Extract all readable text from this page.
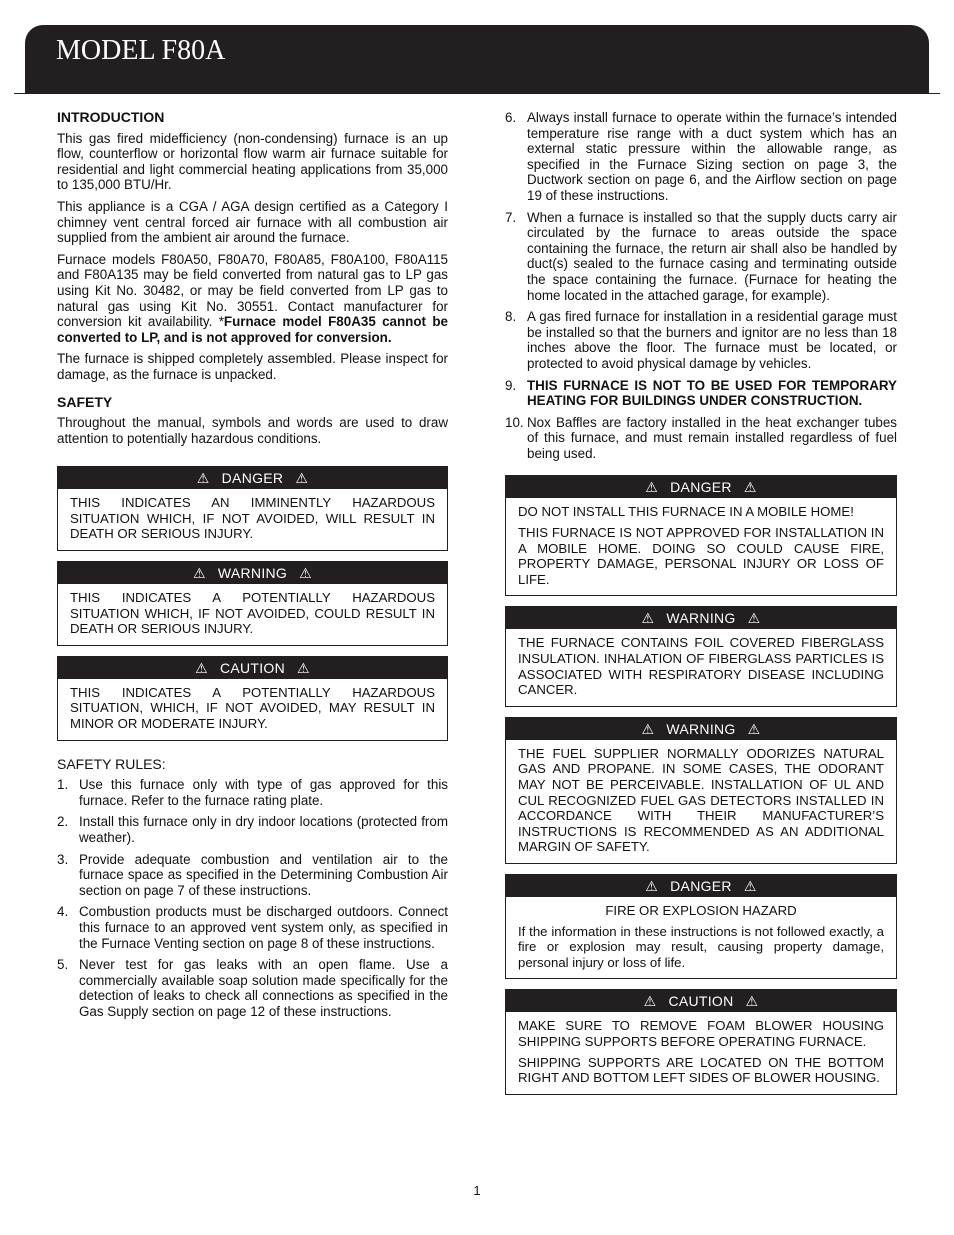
MODEL F80A
INTRODUCTION

This gas fired midefficiency (non-condensing) furnace is an up flow, counterflow or horizontal flow warm air furnace suitable for residential and light commercial heating applications from 35,000 to 135,000 BTU/Hr.

This appliance is a CGA / AGA design certified as a Category I chimney vent central forced air furnace with all combustion air supplied from the ambient air around the furnace.

Furnace models F80A50, F80A70, F80A85, F80A100, F80A115 and F80A135 may be field converted from natural gas to LP gas using Kit No. 30482, or may be field converted from LP gas to natural gas using Kit No. 30551. Contact manufacturer for conversion kit availability. *Furnace model F80A35 cannot be converted to LP, and is not approved for conversion.

The furnace is shipped completely assembled. Please inspect for damage, as the furnace is unpacked.

SAFETY

Throughout the manual, symbols and words are used to draw attention to potentially hazardous conditions.

⚠ DANGER ⚠

THIS INDICATES AN IMMINENTLY HAZARDOUS SITUATION WHICH, IF NOT AVOIDED, WILL RESULT IN DEATH OR SERIOUS INJURY.

⚠ WARNING ⚠

THIS INDICATES A POTENTIALLY HAZARDOUS SITUATION WHICH, IF NOT AVOIDED, COULD RESULT IN DEATH OR SERIOUS INJURY.

⚠ CAUTION ⚠

THIS INDICATES A POTENTIALLY HAZARDOUS SITUATION, WHICH, IF NOT AVOIDED, MAY RESULT IN MINOR OR MODERATE INJURY.

SAFETY RULES:
1. Use this furnace only with type of gas approved for this furnace. Refer to the furnace rating plate.
2. Install this furnace only in dry indoor locations (protected from weather).
3. Provide adequate combustion and ventilation air to the furnace space as specified in the Determining Combustion Air section on page 7 of these instructions.
4. Combustion products must be discharged outdoors. Connect this furnace to an approved vent system only, as specified in the Furnace Venting section on page 8 of these instructions.
5. Never test for gas leaks with an open flame. Use a commercially available soap solution made specifically for the detection of leaks to check all connections as specified in the Gas Supply section on page 12 of these instructions.
6. Always install furnace to operate within the furnace’s intended temperature rise range with a duct system which has an external static pressure within the allowable range, as specified in the Furnace Sizing section on page 3, the Ductwork section on page 6, and the Airflow section on page 19 of these instructions.
7. When a furnace is installed so that the supply ducts carry air circulated by the furnace to areas outside the space containing the furnace, the return air shall also be handled by duct(s) sealed to the furnace casing and terminating outside the space containing the furnace. (Furnace for heating the home located in the attached garage, for example).
8. A gas fired furnace for installation in a residential garage must be installed so that the burners and ignitor are no less than 18 inches above the floor. The furnace must be located, or protected to avoid physical damage by vehicles.
9. THIS FURNACE IS NOT TO BE USED FOR TEMPORARY HEATING FOR BUILDINGS UNDER CONSTRUCTION.
10. Nox Baffles are factory installed in the heat exchanger tubes of this furnace, and must remain installed regardless of fuel being used.
⚠ DANGER ⚠

DO NOT INSTALL THIS FURNACE IN A MOBILE HOME!

THIS FURNACE IS NOT APPROVED FOR INSTALLATION IN A MOBILE HOME. DOING SO COULD CAUSE FIRE, PROPERTY DAMAGE, PERSONAL INJURY OR LOSS OF LIFE.

⚠ WARNING ⚠

THE FURNACE CONTAINS FOIL COVERED FIBERGLASS INSULATION. INHALATION OF FIBERGLASS PARTICLES IS ASSOCIATED WITH RESPIRATORY DISEASE INCLUDING CANCER.

⚠ WARNING ⚠

THE FUEL SUPPLIER NORMALLY ODORIZES NATURAL GAS AND PROPANE. IN SOME CASES, THE ODORANT MAY NOT BE PERCEIVABLE. INSTALLATION OF UL AND CUL RECOGNIZED FUEL GAS DETECTORS INSTALLED IN ACCORDANCE WITH THEIR MANUFACTURER’S INSTRUCTIONS IS RECOMMENDED AS AN ADDITIONAL MARGIN OF SAFETY.

⚠ DANGER ⚠

FIRE OR EXPLOSION HAZARD

If the information in these instructions is not followed exactly, a fire or explosion may result, causing property damage, personal injury or loss of life.

⚠ CAUTION ⚠

MAKE SURE TO REMOVE FOAM BLOWER HOUSING SHIPPING SUPPORTS BEFORE OPERATING FURNACE.

SHIPPING SUPPORTS ARE LOCATED ON THE BOTTOM RIGHT AND BOTTOM LEFT SIDES OF BLOWER HOUSING.

1
